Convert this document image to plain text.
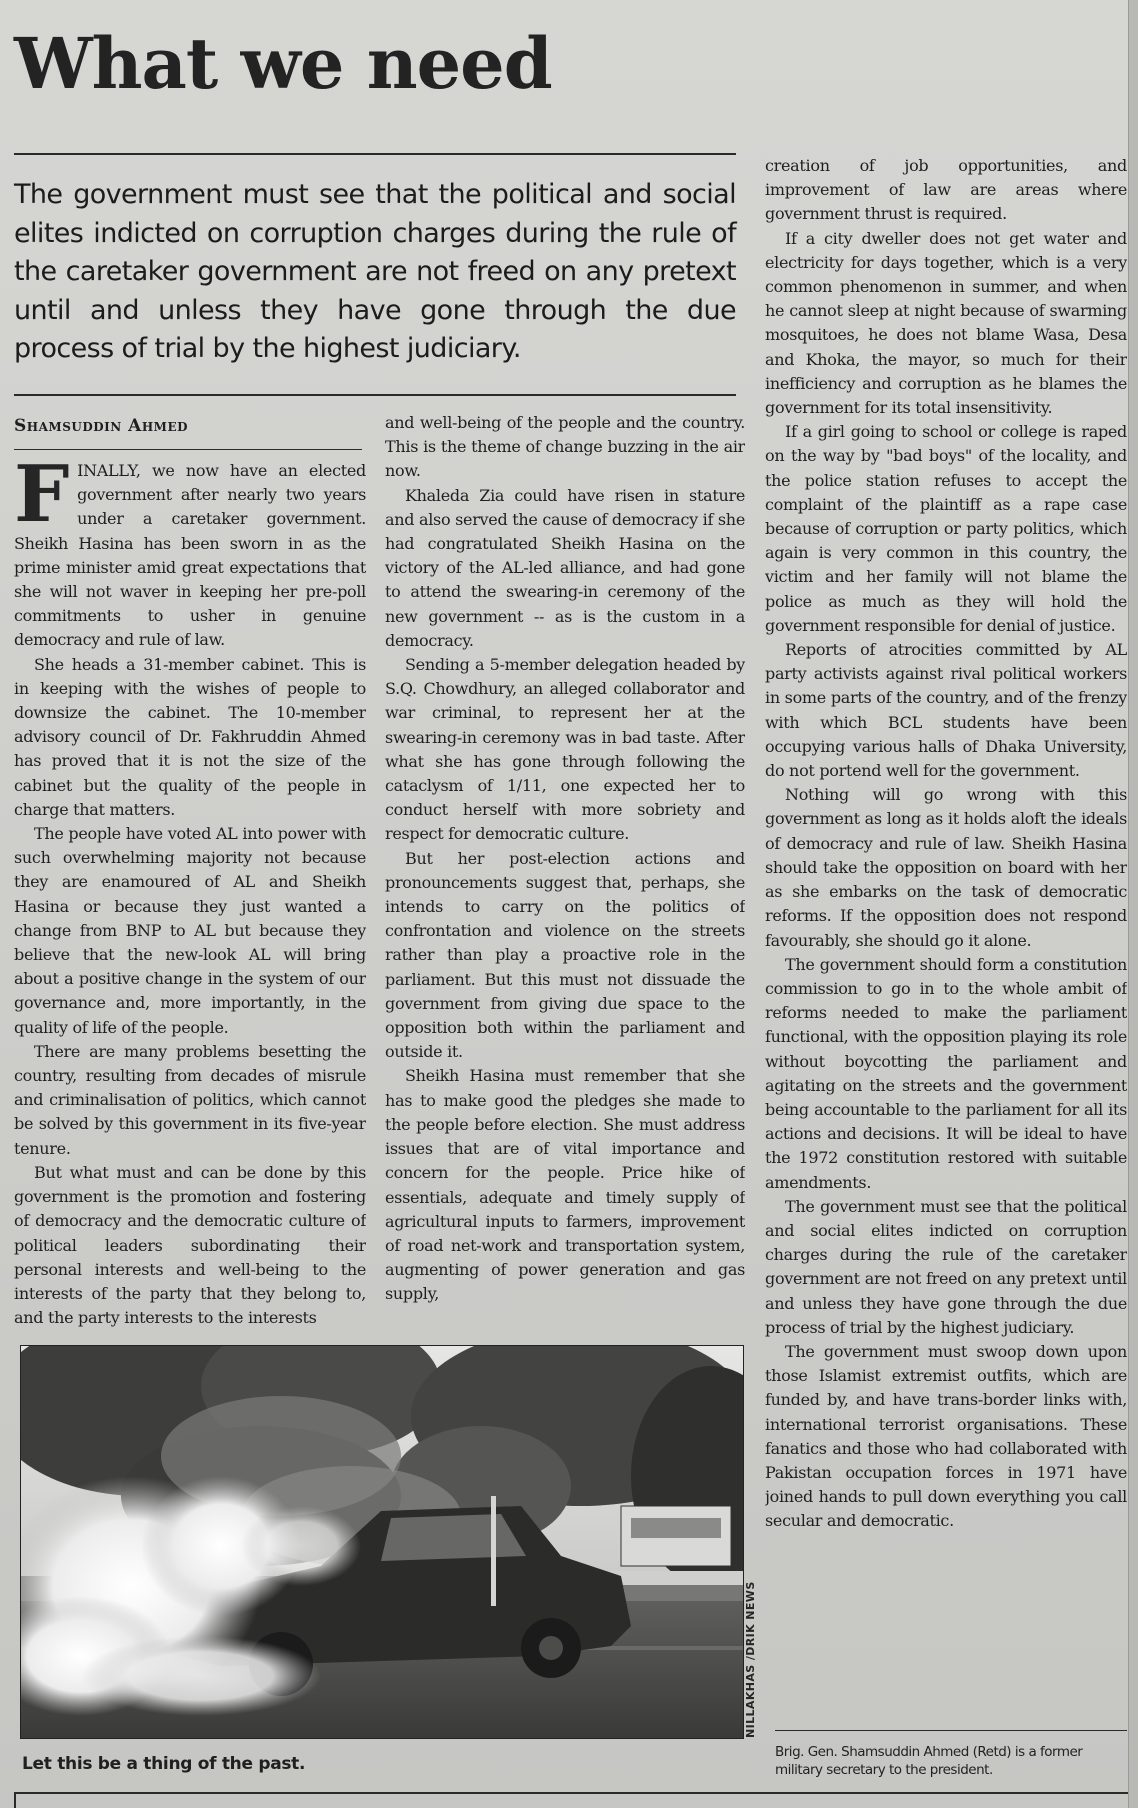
What we need

The government must see that the political and social elites indicted on corruption charges during the rule of the caretaker government are not freed on any pretext until and unless they have gone through the due process of trial by the highest judiciary.

Shamsuddin Ahmed

FINALLY, we now have an elected government after nearly two years under a caretaker government. Sheikh Hasina has been sworn in as the prime minister amid great expectations that she will not waver in keeping her pre-poll commitments to usher in genuine democracy and rule of law.

She heads a 31-member cabinet. This is in keeping with the wishes of people to downsize the cabinet. The 10-member advisory council of Dr. Fakhruddin Ahmed has proved that it is not the size of the cabinet but the quality of the people in charge that matters.

The people have voted AL into power with such overwhelming majority not because they are enamoured of AL and Sheikh Hasina or because they just wanted a change from BNP to AL but because they believe that the new-look AL will bring about a positive change in the system of our governance and, more importantly, in the quality of life of the people.

There are many problems besetting the country, resulting from decades of misrule and criminalisation of politics, which cannot be solved by this government in its five-year tenure.

But what must and can be done by this government is the promotion and fostering of democracy and the democratic culture of political leaders subordinating their personal interests and well-being to the interests of the party that they belong to, and the party interests to the interests

and well-being of the people and the country. This is the theme of change buzzing in the air now.

Khaleda Zia could have risen in stature and also served the cause of democracy if she had congratulated Sheikh Hasina on the victory of the AL-led alliance, and had gone to attend the swearing-in ceremony of the new government -- as is the custom in a democracy.

Sending a 5-member delegation headed by S.Q. Chowdhury, an alleged collaborator and war criminal, to represent her at the swearing-in ceremony was in bad taste. After what she has gone through following the cataclysm of 1/11, one expected her to conduct herself with more sobriety and respect for democratic culture.

But her post-election actions and pronouncements suggest that, perhaps, she intends to carry on the politics of confrontation and violence on the streets rather than play a proactive role in the parliament. But this must not dissuade the government from giving due space to the opposition both within the parliament and outside it.

Sheikh Hasina must remember that she has to make good the pledges she made to the people before election. She must address issues that are of vital importance and concern for the people. Price hike of essentials, adequate and timely supply of agricultural inputs to farmers, improvement of road net-work and transportation system, augmenting of power generation and gas supply,

creation of job opportunities, and improvement of law are areas where government thrust is required.

If a city dweller does not get water and electricity for days together, which is a very common phenomenon in summer, and when he cannot sleep at night because of swarming mosquitoes, he does not blame Wasa, Desa and Khoka, the mayor, so much for their inefficiency and corruption as he blames the government for its total insensitivity.

If a girl going to school or college is raped on the way by "bad boys" of the locality, and the police station refuses to accept the complaint of the plaintiff as a rape case because of corruption or party politics, which again is very common in this country, the victim and her family will not blame the police as much as they will hold the government responsible for denial of justice.

Reports of atrocities committed by AL party activists against rival political workers in some parts of the country, and of the frenzy with which BCL students have been occupying various halls of Dhaka University, do not portend well for the government.

Nothing will go wrong with this government as long as it holds aloft the ideals of democracy and rule of law. Sheikh Hasina should take the opposition on board with her as she embarks on the task of democratic reforms. If the opposition does not respond favourably, she should go it alone.

The government should form a constitution commission to go in to the whole ambit of reforms needed to make the parliament functional, with the opposition playing its role without boycotting the parliament and agitating on the streets and the government being accountable to the parliament for all its actions and decisions. It will be ideal to have the 1972 constitution restored with suitable amendments.

The government must see that the political and social elites indicted on corruption charges during the rule of the caretaker government are not freed on any pretext until and unless they have gone through the due process of trial by the highest judiciary.

The government must swoop down upon those Islamist extremist outfits, which are funded by, and have trans-border links with, international terrorist organisations. These fanatics and those who had collaborated with Pakistan occupation forces in 1971 have joined hands to pull down everything you call secular and democratic.

NILLAKHAS /DRIK NEWS

Let this be a thing of the past.

Brig. Gen. Shamsuddin Ahmed (Retd) is a former military secretary to the president.
